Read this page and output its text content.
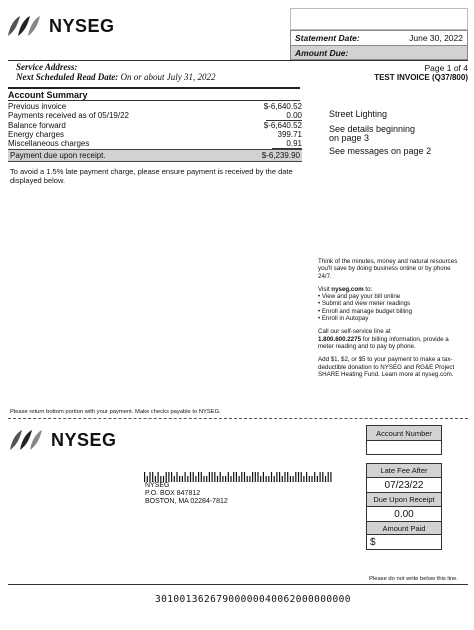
NYSEG
Statement Date:	June 30, 2022
Amount Due:
Service Address:
Next Scheduled Read Date: On or about July 31, 2022
Page 1 of 4
TEST INVOICE (Q37/800)
Account Summary
Previous invoice	$-6,640.52
Payments received as of 05/19/22	0.00
Balance forward	$-6,640.52
Energy charges	399.71
Miscellaneous charges	0.91
Payment due upon receipt.	$-6,239.90
To avoid a 1.5% late payment charge, please ensure payment is received by the date displayed below.
Street Lighting
See details beginning
on page 3
See messages on page 2

Think of the minutes, money and natural resources you'll save by doing business online or by phone 24/7.

Visit nyseg.com to:
• View and pay your bill online
• Submit and view meter readings
• Enroll and manage budget billing
• Enroll in Autopay
Call our self-service line at
1.800.600.2275 for billing information, provide a meter reading and to pay by phone.

Add $1, $2, or $5 to your payment to make a tax-deductible donation to NYSEG and RG&E Project SHARE Heating Fund. Learn more at nyseg.com.

Please return bottom portion with your payment. Make checks payable to NYSEG.
NYSEG	Account Number
Late Fee After
07/23/22
Due Upon Receipt
0.00
Amount Paid
$
NYSEG
P.O. BOX 847812
BOSTON, MA 02284-7812
Please do not write below this line.
30100136267900000040062000000000
